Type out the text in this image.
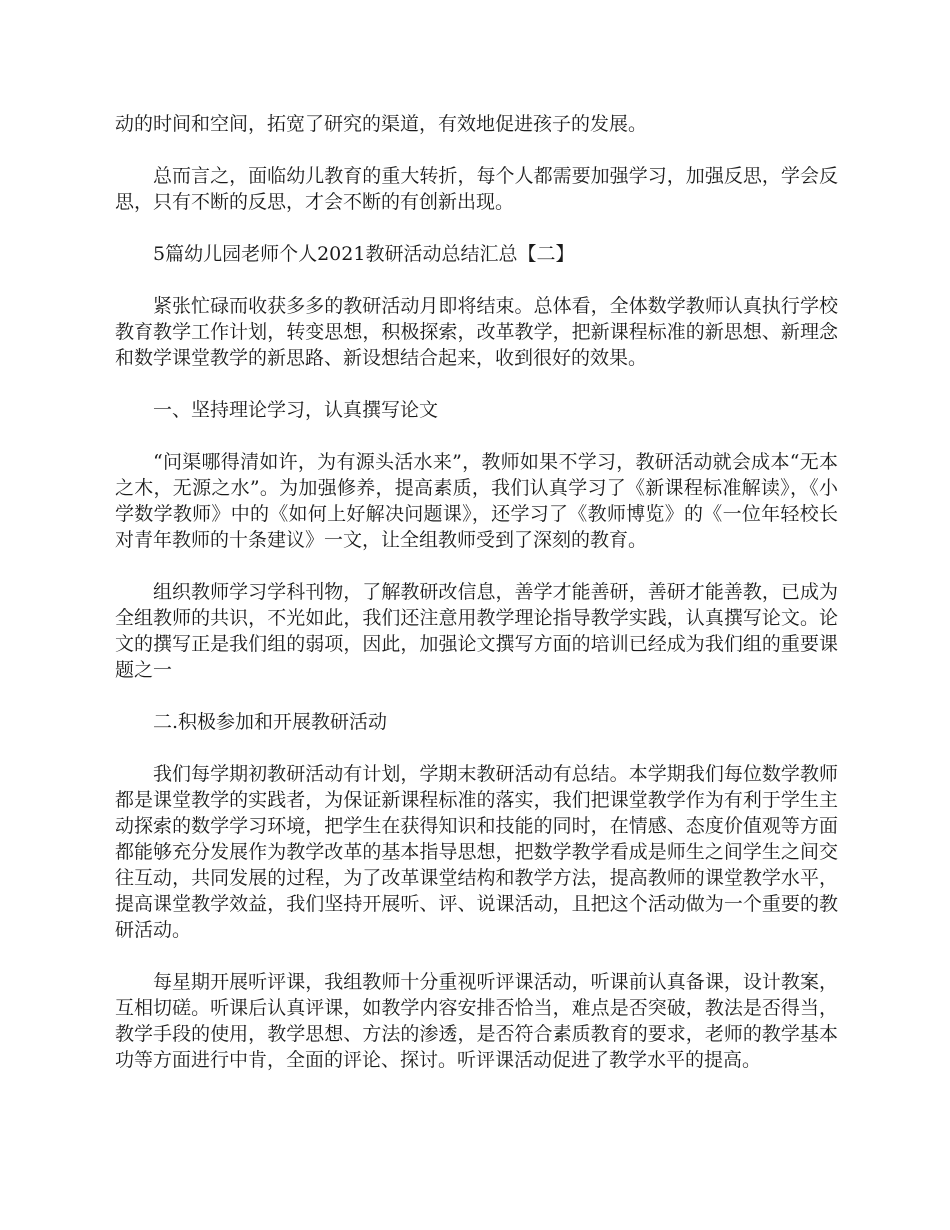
动的时间和空间，拓宽了研究的渠道，有效地促进孩子的发展。

总而言之，面临幼儿教育的重大转折，每个人都需要加强学习，加强反思，学会反思，只有不断的反思，才会不断的有创新出现。

5篇幼儿园老师个人2021教研活动总结汇总【二】

紧张忙碌而收获多多的教研活动月即将结束。总体看，全体数学教师认真执行学校教育教学工作计划，转变思想，积极探索，改革教学，把新课程标准的新思想、新理念和数学课堂教学的新思路、新设想结合起来，收到很好的效果。

一、坚持理论学习，认真撰写论文

“问渠哪得清如许，为有源头活水来”，教师如果不学习，教研活动就会成本“无本之木，无源之水”。为加强修养，提高素质，我们认真学习了《新课程标准解读》，《小学数学教师》中的《如何上好解决问题课》，还学习了《教师博览》的《一位年轻校长对青年教师的十条建议》一文，让全组教师受到了深刻的教育。

组织教师学习学科刊物，了解教研改信息，善学才能善研，善研才能善教，已成为全组教师的共识，不光如此，我们还注意用教学理论指导教学实践，认真撰写论文。论文的撰写正是我们组的弱项，因此，加强论文撰写方面的培训已经成为我们组的重要课题之一

二.积极参加和开展教研活动

我们每学期初教研活动有计划，学期末教研活动有总结。本学期我们每位数学教师都是课堂教学的实践者，为保证新课程标准的落实，我们把课堂教学作为有利于学生主动探索的数学学习环境，把学生在获得知识和技能的同时，在情感、态度价值观等方面都能够充分发展作为教学改革的基本指导思想，把数学教学看成是师生之间学生之间交往互动，共同发展的过程，为了改革课堂结构和教学方法，提高教师的课堂教学水平，提高课堂教学效益，我们坚持开展听、评、说课活动，且把这个活动做为一个重要的教研活动。

每星期开展听评课，我组教师十分重视听评课活动，听课前认真备课，设计教案，互相切磋。听课后认真评课，如教学内容安排否恰当，难点是否突破，教法是否得当，教学手段的使用，教学思想、方法的渗透，是否符合素质教育的要求，老师的教学基本功等方面进行中肯，全面的评论、探讨。听评课活动促进了教学水平的提高。
